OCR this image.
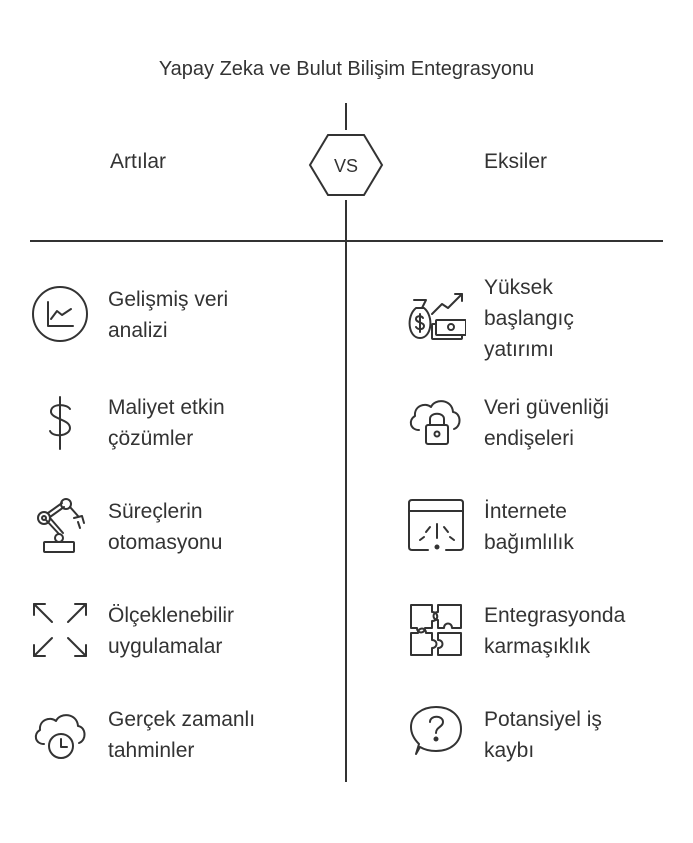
Yapay Zeka ve Bulut Bilişim Entegrasyonu
VS
Artılar	Eksiler
Gelişmiş veri
analizi
Maliyet etkin
çözümler
Süreçlerin
otomasyonu
Ölçeklenebilir
uygulamalar
Gerçek zamanlı
tahminler
Yüksek
başlangıç
yatırımı
Veri güvenliği
endişeleri
İnternete
bağımlılık
Entegrasyonda
karmaşıklık
Potansiyel iş
kaybı
